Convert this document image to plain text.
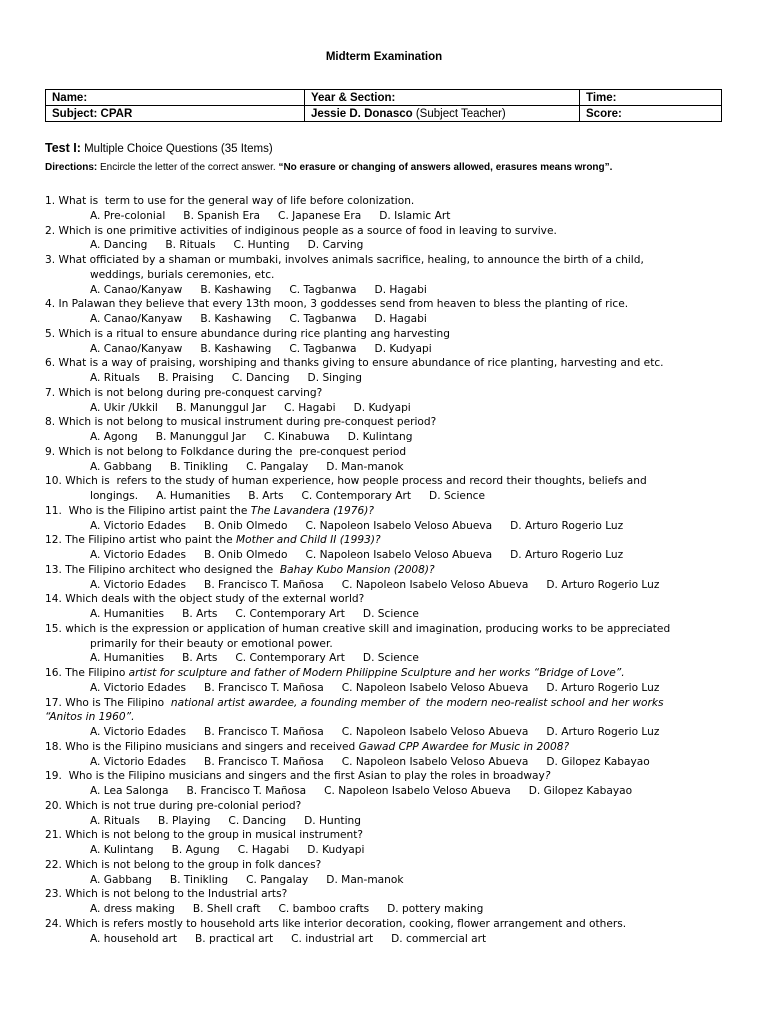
Midterm Examination
Name:	Year & Section:	Time:
Subject: CPAR	Jessie D. Donasco (Subject Teacher)	Score:
Test I: Multiple Choice Questions (35 Items)
Directions: Encircle the letter of the correct answer. “No erasure or changing of answers allowed, erasures means wrong”.
1. What is  term to use for the general way of life before colonization.
A. Pre-colonial B. Spanish Era C. Japanese Era D. Islamic Art
2. Which is one primitive activities of indiginous people as a source of food in leaving to survive.
A. Dancing B. Rituals C. Hunting D. Carving
3. What officiated by a shaman or mumbaki, involves animals sacrifice, healing, to announce the birth of a child,
weddings, burials ceremonies, etc.
A. Canao/Kanyaw B. Kashawing C. Tagbanwa D. Hagabi
4. In Palawan they believe that every 13th moon, 3 goddesses send from heaven to bless the planting of rice.
A. Canao/Kanyaw B. Kashawing C. Tagbanwa D. Hagabi
5. Which is a ritual to ensure abundance during rice planting ang harvesting
A. Canao/Kanyaw B. Kashawing C. Tagbanwa D. Kudyapi
6. What is a way of praising, worshiping and thanks giving to ensure abundance of rice planting, harvesting and etc.
A. Rituals B. Praising C. Dancing D. Singing
7. Which is not belong during pre-conquest carving?
A. Ukir /Ukkil B. Manunggul Jar C. Hagabi D. Kudyapi
8. Which is not belong to musical instrument during pre-conquest period?
A. Agong B. Manunggul Jar C. Kinabuwa D. Kulintang
9. Which is not belong to Folkdance during the  pre-conquest period
A. Gabbang B. Tinikling C. Pangalay D. Man-manok
10. Which is  refers to the study of human experience, how people process and record their thoughts, beliefs and
longings. A. Humanities B. Arts C. Contemporary Art D. Science
11.  Who is the Filipino artist paint the The Lavandera (1976)?
A. Victorio Edades B. Onib Olmedo C. Napoleon Isabelo Veloso Abueva D. Arturo Rogerio Luz
12. The Filipino artist who paint the Mother and Child II (1993)?
A. Victorio Edades B. Onib Olmedo C. Napoleon Isabelo Veloso Abueva D. Arturo Rogerio Luz
13. The Filipino architect who designed the  Bahay Kubo Mansion (2008)?
A. Victorio Edades B. Francisco T. Mañosa C. Napoleon Isabelo Veloso Abueva D. Arturo Rogerio Luz
14. Which deals with the object study of the external world?
A. Humanities B. Arts C. Contemporary Art D. Science
15. which is the expression or application of human creative skill and imagination, producing works to be appreciated
primarily for their beauty or emotional power.
A. Humanities B. Arts C. Contemporary Art D. Science
16. The Filipino artist for sculpture and father of Modern Philippine Sculpture and her works “Bridge of Love”.
A. Victorio Edades B. Francisco T. Mañosa C. Napoleon Isabelo Veloso Abueva D. Arturo Rogerio Luz
17. Who is The Filipino  national artist awardee, a founding member of  the modern neo-realist school and her works
“Anitos in 1960”.
A. Victorio Edades B. Francisco T. Mañosa C. Napoleon Isabelo Veloso Abueva D. Arturo Rogerio Luz
18. Who is the Filipino musicians and singers and received Gawad CPP Awardee for Music in 2008?
A. Victorio Edades B. Francisco T. Mañosa C. Napoleon Isabelo Veloso Abueva D. Gilopez Kabayao
19.  Who is the Filipino musicians and singers and the first Asian to play the roles in broadway?
A. Lea Salonga B. Francisco T. Mañosa C. Napoleon Isabelo Veloso Abueva D. Gilopez Kabayao
20. Which is not true during pre-colonial period?
A. Rituals B. Playing C. Dancing D. Hunting
21. Which is not belong to the group in musical instrument?
A. Kulintang B. Agung C. Hagabi D. Kudyapi
22. Which is not belong to the group in folk dances?
A. Gabbang B. Tinikling C. Pangalay D. Man-manok
23. Which is not belong to the Industrial arts?
A. dress making B. Shell craft C. bamboo crafts D. pottery making
24. Which is refers mostly to household arts like interior decoration, cooking, flower arrangement and others.
A. household art B. practical art C. industrial art D. commercial art
